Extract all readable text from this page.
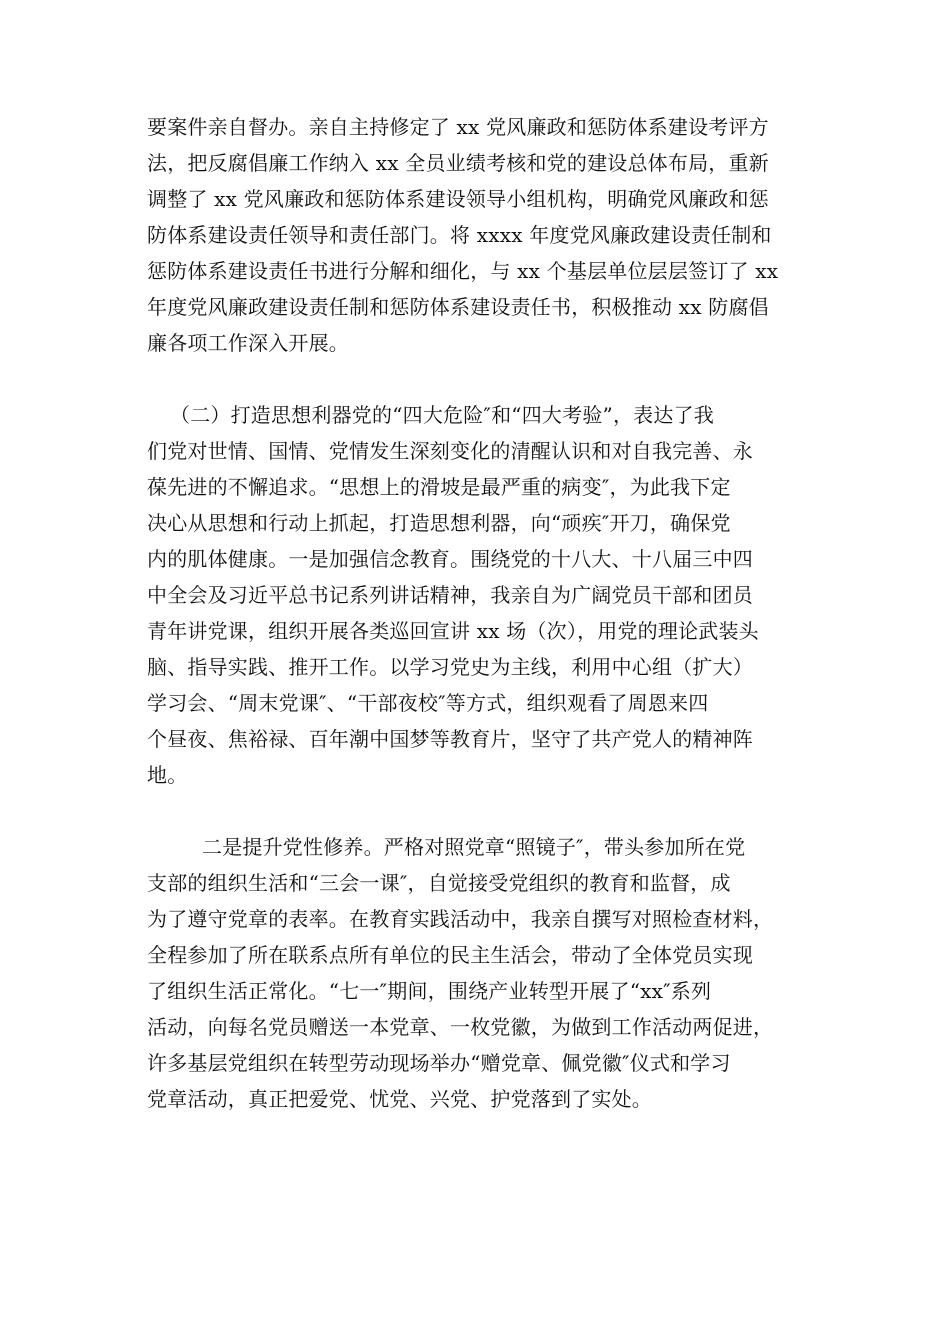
要案件亲自督办。亲自主持修定了 xx 党风廉政和惩防体系建设考评方
法，把反腐倡廉工作纳入 xx 全员业绩考核和党的建设总体布局，重新
调整了 xx 党风廉政和惩防体系建设领导小组机构，明确党风廉政和惩
防体系建设责任领导和责任部门。将 xxxx 年度党风廉政建设责任制和
惩防体系建设责任书进行分解和细化，与 xx 个基层单位层层签订了 xx
年度党风廉政建设责任制和惩防体系建设责任书，积极推动 xx 防腐倡
廉各项工作深入开展。
（二）打造思想利器党的“四大危险″和“四大考验”，表达了我
们党对世情、国情、党情发生深刻变化的清醒认识和对自我完善、永
葆先进的不懈追求。“思想上的滑坡是最严重的病变″，为此我下定
决心从思想和行动上抓起，打造思想利器，向“顽疾″开刀，确保党
内的肌体健康。一是加强信念教育。围绕党的十八大、十八届三中四
中全会及习近平总书记系列讲话精神，我亲自为广阔党员干部和团员
青年讲党课，组织开展各类巡回宣讲 xx 场（次），用党的理论武装头
脑、指导实践、推开工作。以学习党史为主线，利用中心组（扩大）
学习会、“周末党课″、“干部夜校″等方式，组织观看了周恩来四
个昼夜、焦裕禄、百年潮中国梦等教育片，坚守了共产党人的精神阵
地。
二是提升党性修养。严格对照党章“照镜子″，带头参加所在党
支部的组织生活和“三会一课″，自觉接受党组织的教育和监督，成
为了遵守党章的表率。在教育实践活动中，我亲自撰写对照检查材料，
全程参加了所在联系点所有单位的民主生活会，带动了全体党员实现
了组织生活正常化。“七一″期间，围绕产业转型开展了“xx″系列
活动，向每名党员赠送一本党章、一枚党徽，为做到工作活动两促进，
许多基层党组织在转型劳动现场举办“赠党章、佩党徽″仪式和学习
党章活动，真正把爱党、忧党、兴党、护党落到了实处。
